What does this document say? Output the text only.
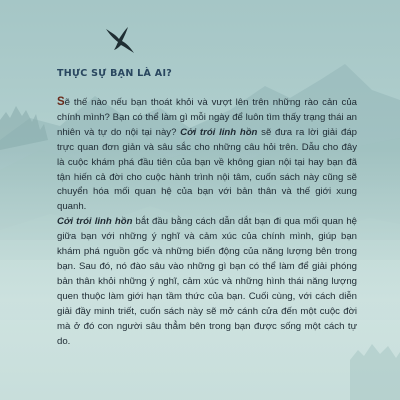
THỰC SỰ BẠN LÀ AI?

Sẽ thế nào nếu bạn thoát khỏi và vượt lên trên những rào cản của chính mình? Bạn có thể làm gì mỗi ngày để luôn tìm thấy trạng thái an nhiên và tự do nội tại này? Cởi trói linh hồn sẽ đưa ra lời giải đáp trực quan đơn giản và sâu sắc cho những câu hỏi trên. Dẫu cho đây là cuộc khám phá đầu tiên của bạn về không gian nội tại hay bạn đã tận hiến cả đời cho cuộc hành trình nội tâm, cuốn sách này cũng sẽ chuyển hóa mối quan hệ của bạn với bản thân và thế giới xung quanh.

Cởi trói linh hồn bắt đầu bằng cách dẫn dắt bạn đi qua mối quan hệ giữa bạn với những ý nghĩ và cảm xúc của chính mình, giúp bạn khám phá nguồn gốc và những biến động của năng lượng bên trong bạn. Sau đó, nó đào sâu vào những gì bạn có thể làm để giải phóng bản thân khỏi những ý nghĩ, cảm xúc và những hình thái năng lượng quen thuộc làm giới hạn tầm thức của bạn. Cuối cùng, với cách diễn giải đầy minh triết, cuốn sách này sẽ mở cánh cửa đến một cuộc đời mà ở đó con người sâu thẳm bên trong bạn được sống một cách tự do.
